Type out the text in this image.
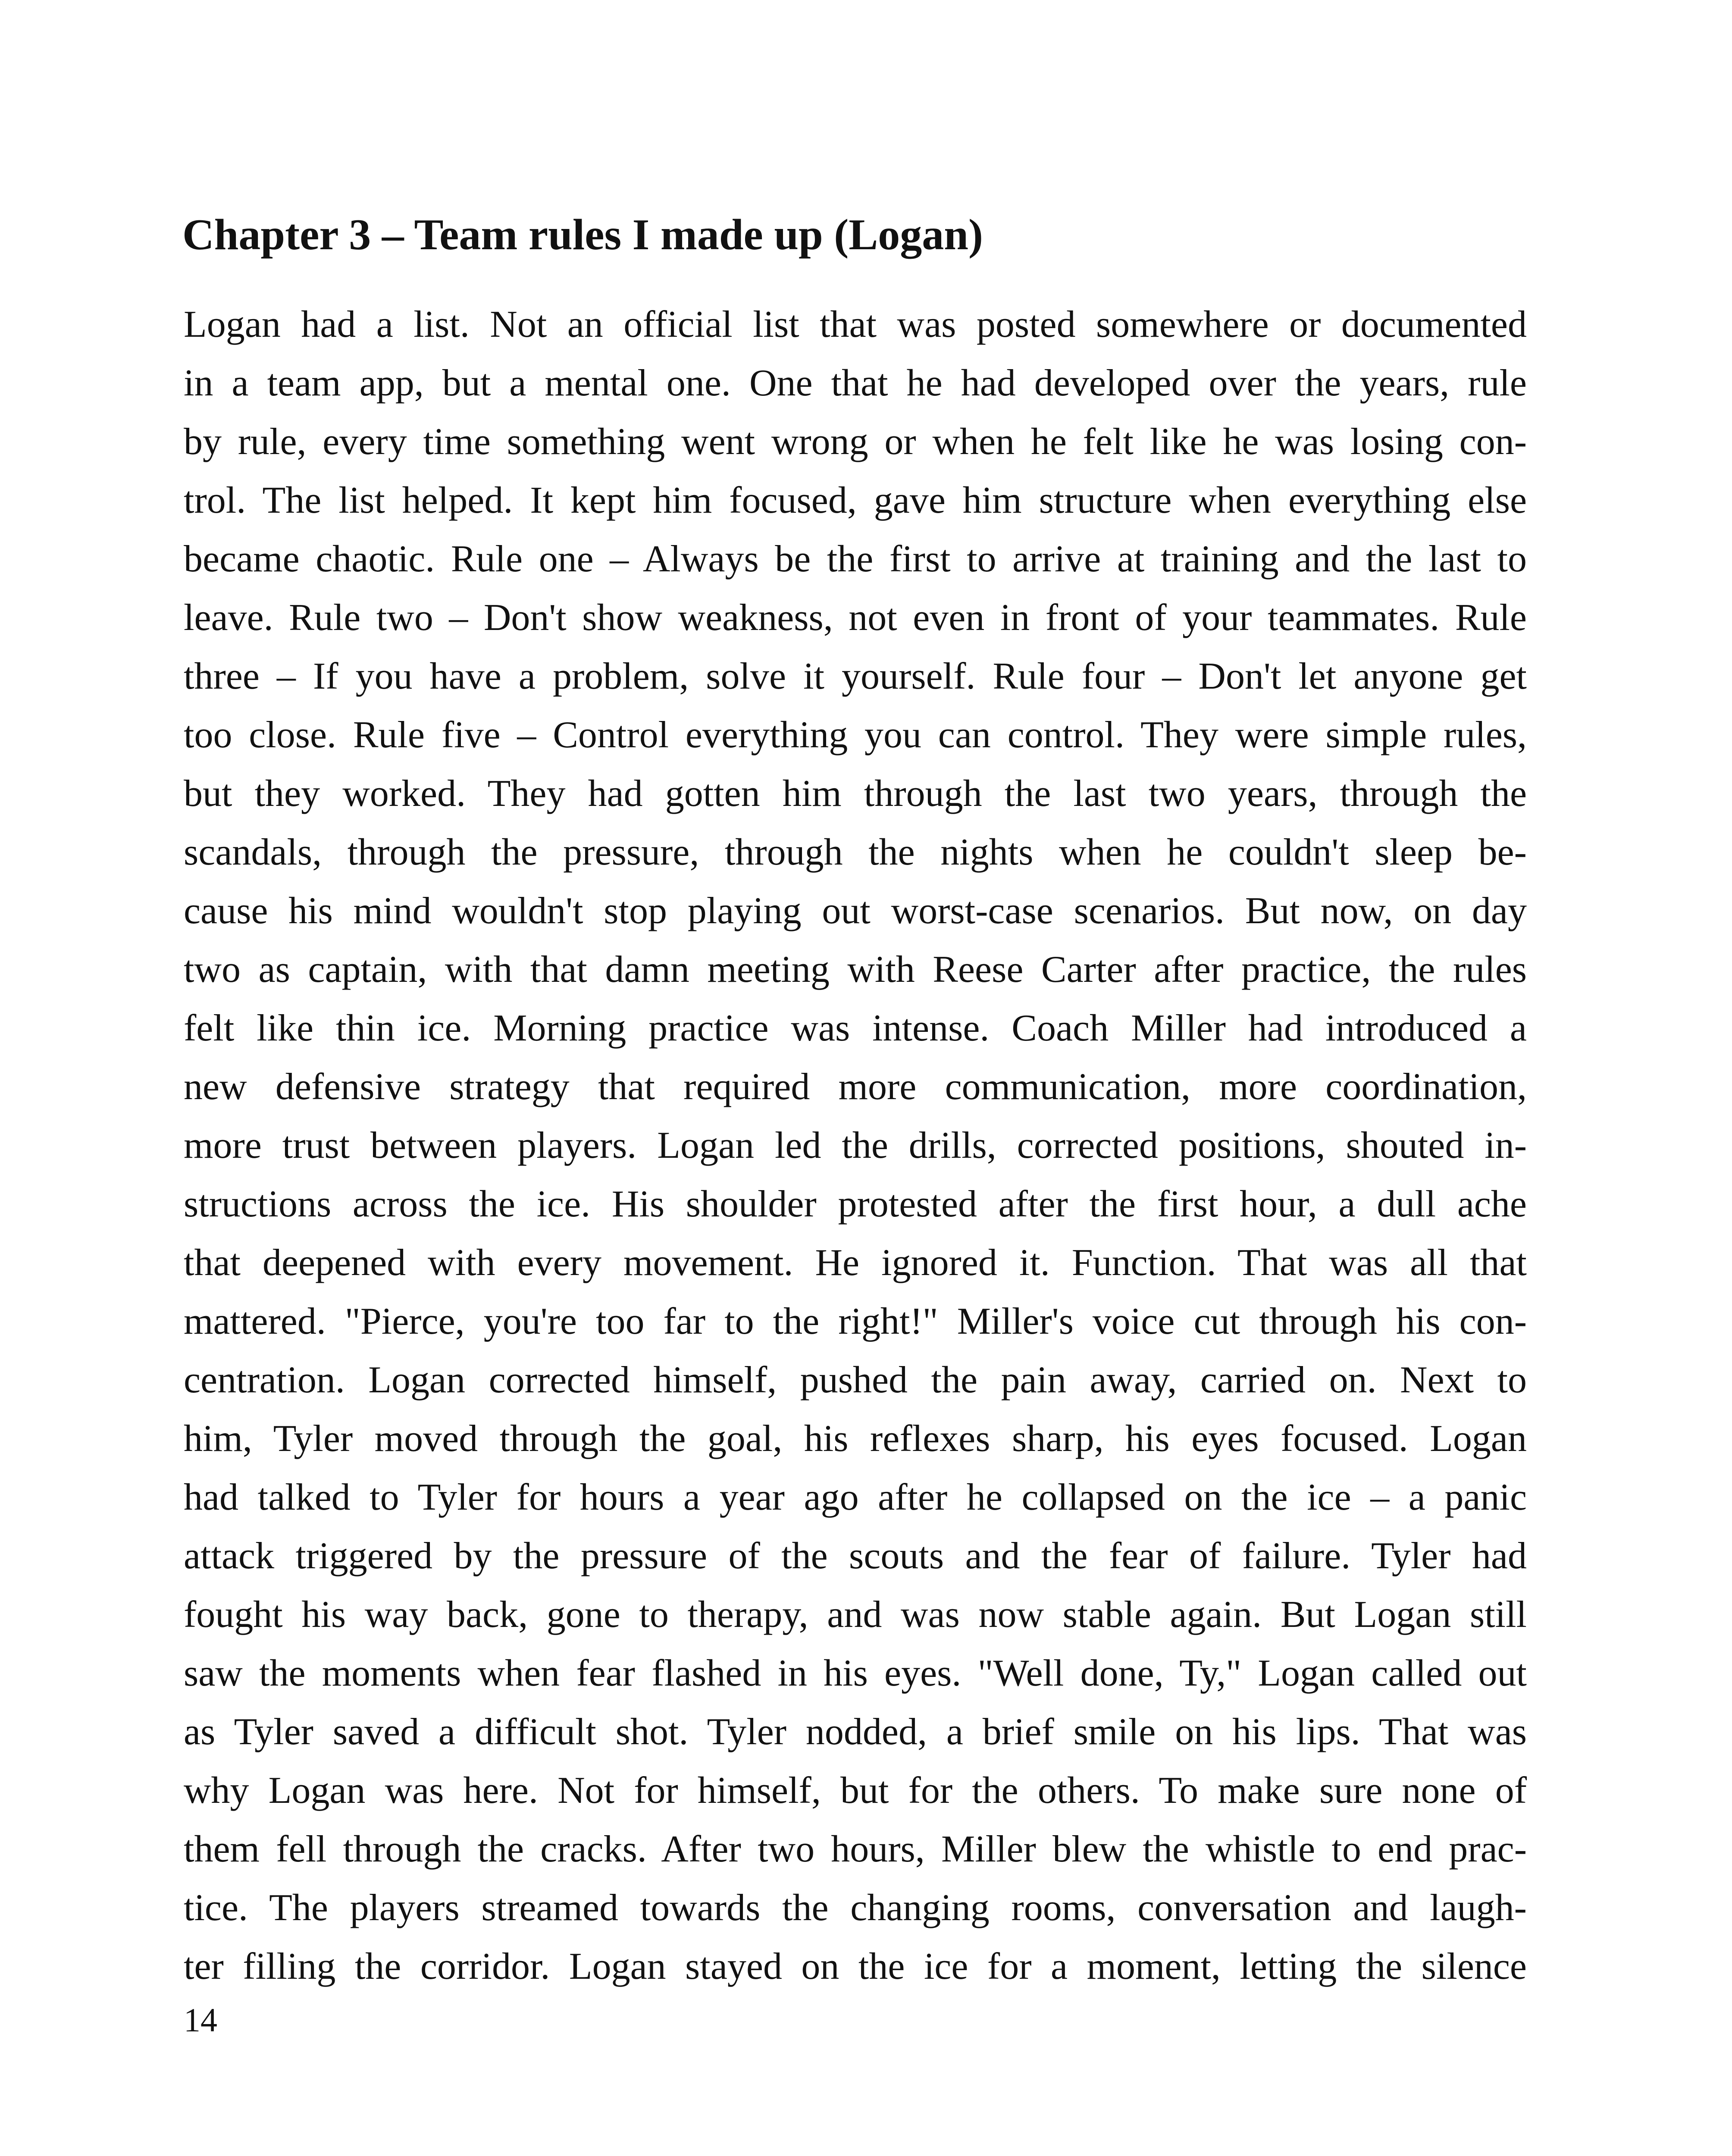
Chapter 3 – Team rules I made up (Logan)
Logan had a list. Not an official list that was posted somewhere or documented
in a team app, but a mental one. One that he had developed over the years, rule
by rule, every time something went wrong or when he felt like he was losing con-
trol. The list helped. It kept him focused, gave him structure when everything else
became chaotic. Rule one – Always be the first to arrive at training and the last to
leave. Rule two – Don't show weakness, not even in front of your teammates. Rule
three – If you have a problem, solve it yourself. Rule four – Don't let anyone get
too close. Rule five – Control everything you can control. They were simple rules,
but they worked. They had gotten him through the last two years, through the
scandals, through the pressure, through the nights when he couldn't sleep be-
cause his mind wouldn't stop playing out worst-case scenarios. But now, on day
two as captain, with that damn meeting with Reese Carter after practice, the rules
felt like thin ice. Morning practice was intense. Coach Miller had introduced a
new defensive strategy that required more communication, more coordination,
more trust between players. Logan led the drills, corrected positions, shouted in-
structions across the ice. His shoulder protested after the first hour, a dull ache
that deepened with every movement. He ignored it. Function. That was all that
mattered. "Pierce, you're too far to the right!" Miller's voice cut through his con-
centration. Logan corrected himself, pushed the pain away, carried on. Next to
him, Tyler moved through the goal, his reflexes sharp, his eyes focused. Logan
had talked to Tyler for hours a year ago after he collapsed on the ice – a panic
attack triggered by the pressure of the scouts and the fear of failure. Tyler had
fought his way back, gone to therapy, and was now stable again. But Logan still
saw the moments when fear flashed in his eyes. "Well done, Ty," Logan called out
as Tyler saved a difficult shot. Tyler nodded, a brief smile on his lips. That was
why Logan was here. Not for himself, but for the others. To make sure none of
them fell through the cracks. After two hours, Miller blew the whistle to end prac-
tice. The players streamed towards the changing rooms, conversation and laugh-
ter filling the corridor. Logan stayed on the ice for a moment, letting the silence

14
